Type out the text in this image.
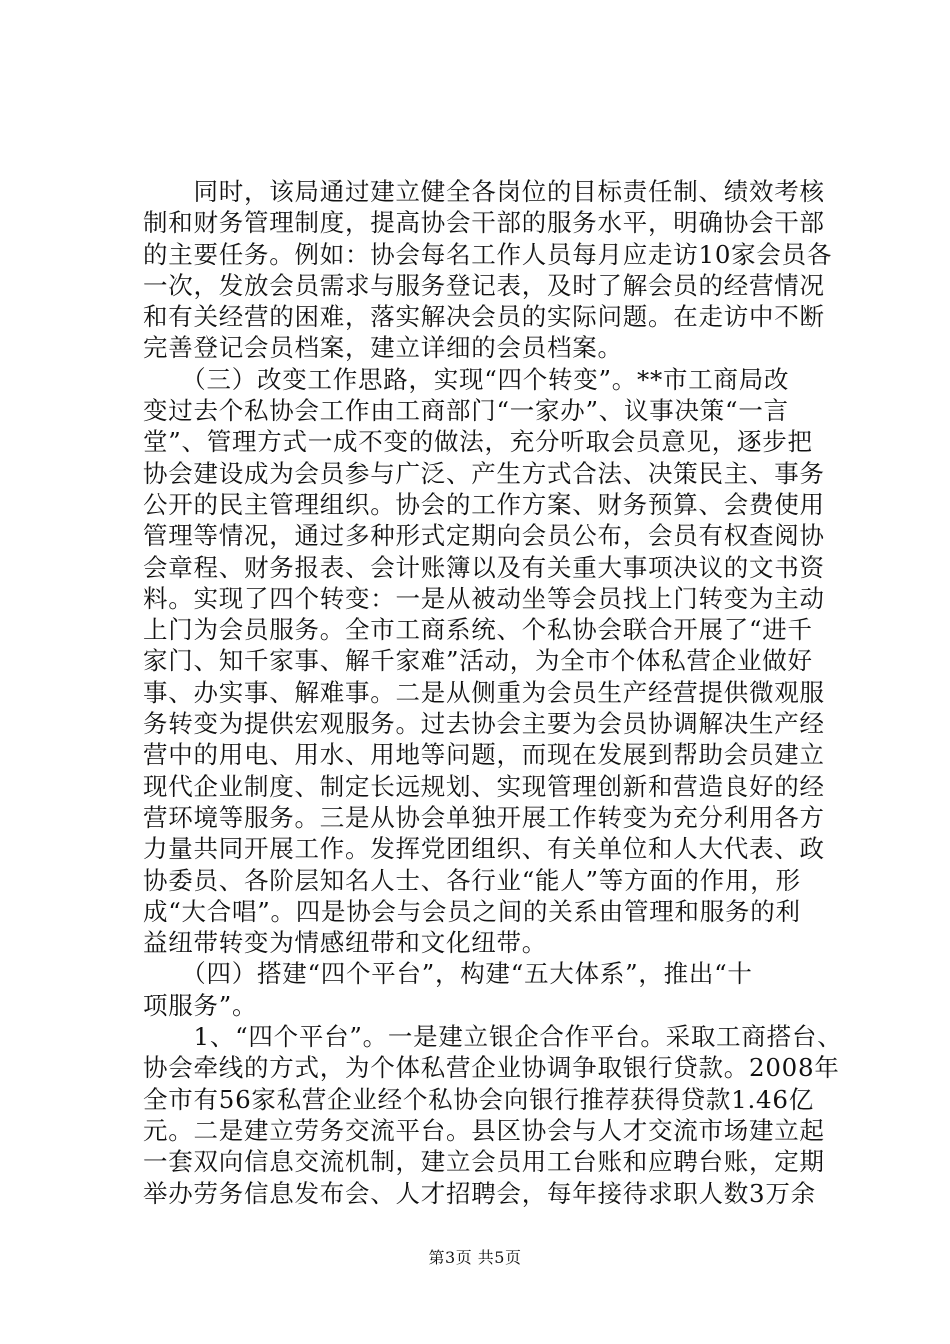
　　同时，该局通过建立健全各岗位的目标责任制、绩效考核
制和财务管理制度，提高协会干部的服务水平，明确协会干部
的主要任务。例如：协会每名工作人员每月应走访10家会员各
一次，发放会员需求与服务登记表，及时了解会员的经营情况
和有关经营的困难，落实解决会员的实际问题。在走访中不断
完善登记会员档案，建立详细的会员档案。
　　（三）改变工作思路，实现“四个转变”。**市工商局改
变过去个私协会工作由工商部门“一家办”、议事决策“一言
堂”、管理方式一成不变的做法，充分听取会员意见，逐步把
协会建设成为会员参与广泛、产生方式合法、决策民主、事务
公开的民主管理组织。协会的工作方案、财务预算、会费使用
管理等情况，通过多种形式定期向会员公布，会员有权查阅协
会章程、财务报表、会计账簿以及有关重大事项决议的文书资
料。实现了四个转变：一是从被动坐等会员找上门转变为主动
上门为会员服务。全市工商系统、个私协会联合开展了“进千
家门、知千家事、解千家难”活动，为全市个体私营企业做好
事、办实事、解难事。二是从侧重为会员生产经营提供微观服
务转变为提供宏观服务。过去协会主要为会员协调解决生产经
营中的用电、用水、用地等问题，而现在发展到帮助会员建立
现代企业制度、制定长远规划、实现管理创新和营造良好的经
营环境等服务。三是从协会单独开展工作转变为充分利用各方
力量共同开展工作。发挥党团组织、有关单位和人大代表、政
协委员、各阶层知名人士、各行业“能人”等方面的作用，形
成“大合唱”。四是协会与会员之间的关系由管理和服务的利
益纽带转变为情感纽带和文化纽带。
　　（四）搭建“四个平台”，构建“五大体系”，推出“十
项服务”。
　　1、“四个平台”。一是建立银企合作平台。采取工商搭台、
协会牵线的方式，为个体私营企业协调争取银行贷款。2008年
全市有56家私营企业经个私协会向银行推荐获得贷款1.46亿
元。二是建立劳务交流平台。县区协会与人才交流市场建立起
一套双向信息交流机制，建立会员用工台账和应聘台账，定期
举办劳务信息发布会、人才招聘会，每年接待求职人数3万余
第3页 共5页
